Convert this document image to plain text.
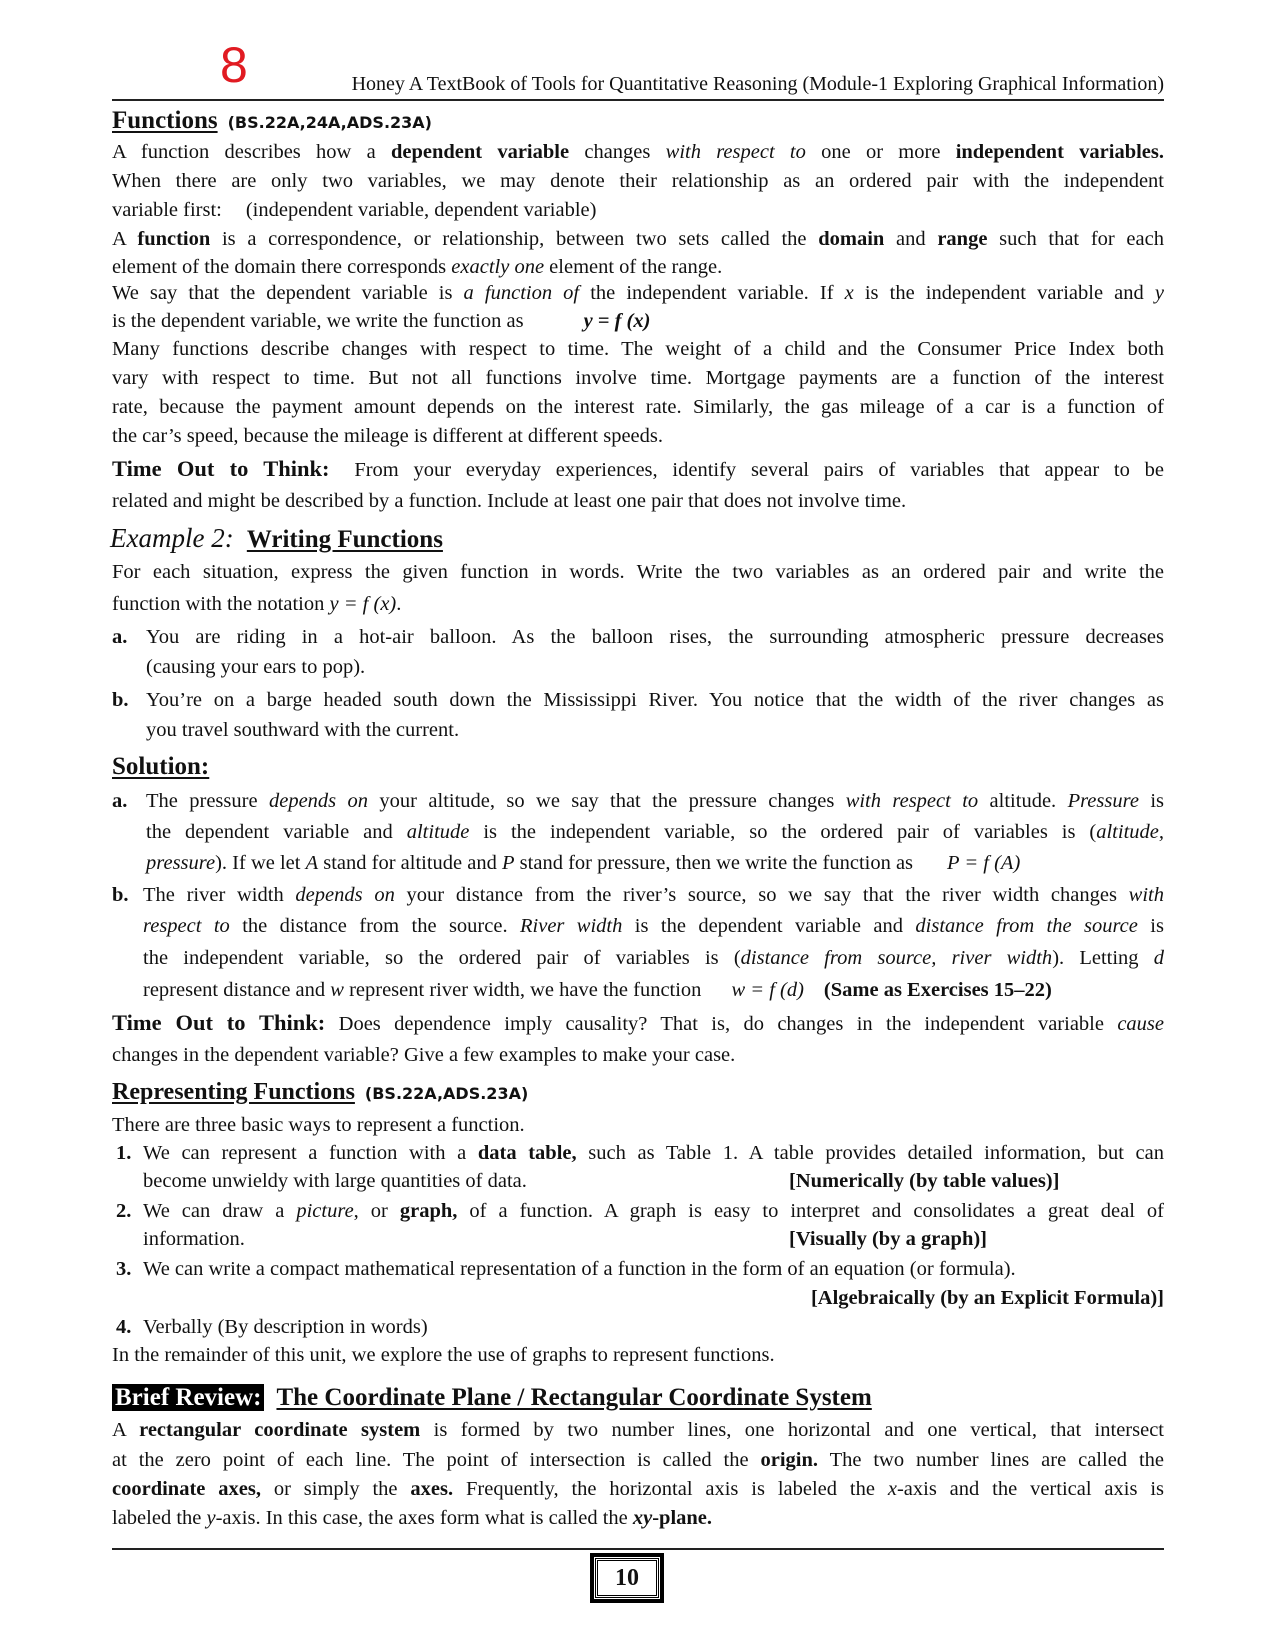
8	Honey A TextBook of Tools for Quantitative Reasoning (Module-1 Exploring Graphical Information)
Functions (BS.22A,24A,ADS.23A)
A function describes how a dependent variable changes with respect to one or more independent variables.
When there are only two variables, we may denote their relationship as an ordered pair with the independent
variable first: (independent variable, dependent variable)
A function is a correspondence, or relationship, between two sets called the domain and range such that for each
element of the domain there corresponds exactly one element of the range.
We say that the dependent variable is a function of the independent variable. If x is the independent variable and y
is the dependent variable, we write the function as	y = f (x)
Many functions describe changes with respect to time. The weight of a child and the Consumer Price Index both
vary with respect to time. But not all functions involve time. Mortgage payments are a function of the interest
rate, because the payment amount depends on the interest rate. Similarly, the gas mileage of a car is a function of
the car’s speed, because the mileage is different at different speeds.
Time Out to Think: From your everyday experiences, identify several pairs of variables that appear to be
related and might be described by a function. Include at least one pair that does not involve time.
Example 2: Writing Functions
For each situation, express the given function in words. Write the two variables as an ordered pair and write the
function with the notation y = f (x).
a. You are riding in a hot-air balloon. As the balloon rises, the surrounding atmospheric pressure decreases
(causing your ears to pop).
b. You’re on a barge headed south down the Mississippi River. You notice that the width of the river changes as
you travel southward with the current.
Solution:
a. The pressure depends on your altitude, so we say that the pressure changes with respect to altitude. Pressure is
the dependent variable and altitude is the independent variable, so the ordered pair of variables is (altitude,
pressure). If we let A stand for altitude and P stand for pressure, then we write the function as P = f (A)
b. The river width depends on your distance from the river’s source, so we say that the river width changes with
respect to the distance from the source. River width is the dependent variable and distance from the source is
the independent variable, so the ordered pair of variables is (distance from source, river width). Letting d
represent distance and w represent river width, we have the function w = f (d) (Same as Exercises 15–22)
Time Out to Think: Does dependence imply causality? That is, do changes in the independent variable cause
changes in the dependent variable? Give a few examples to make your case.
Representing Functions (BS.22A,ADS.23A)
There are three basic ways to represent a function.
1. We can represent a function with a data table, such as Table 1. A table provides detailed information, but can
become unwieldy with large quantities of data.	[Numerically (by table values)]
2. We can draw a picture, or graph, of a function. A graph is easy to interpret and consolidates a great deal of
information.	[Visually (by a graph)]
3. We can write a compact mathematical representation of a function in the form of an equation (or formula).
[Algebraically (by an Explicit Formula)]
4. Verbally (By description in words)
In the remainder of this unit, we explore the use of graphs to represent functions.
Brief Review: The Coordinate Plane / Rectangular Coordinate System
A rectangular coordinate system is formed by two number lines, one horizontal and one vertical, that intersect
at the zero point of each line. The point of intersection is called the origin. The two number lines are called the
coordinate axes, or simply the axes. Frequently, the horizontal axis is labeled the x-axis and the vertical axis is
labeled the y-axis. In this case, the axes form what is called the xy-plane.
10
